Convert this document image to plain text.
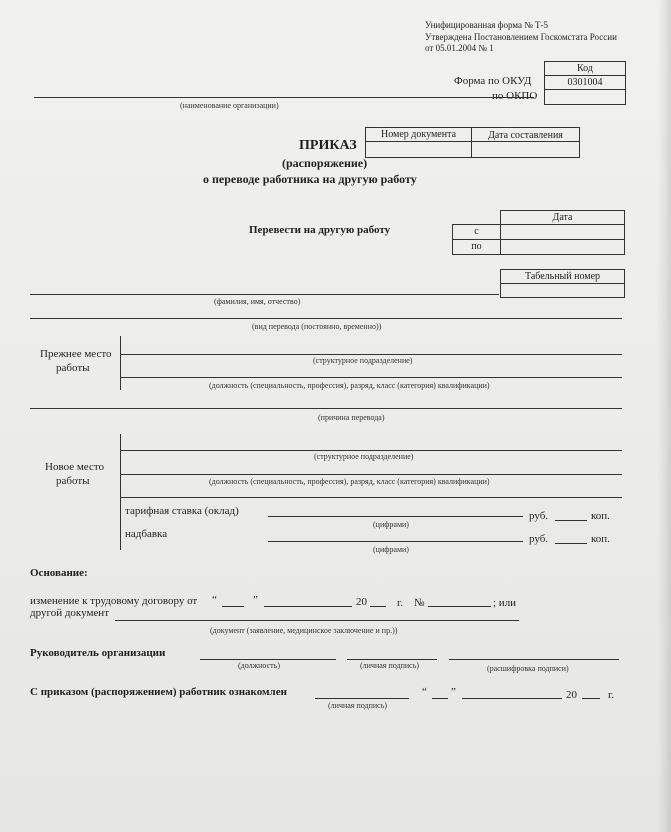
Унифицированная форма № Т-5
Утверждена Постановлением Госкомстата России
от 05.01.2004 № 1
Код
Форма по ОКУД	0301004
по ОКПО
(наименование организации)
Номер документа	Дата составления
ПРИКАЗ
(распоряжение)
о переводе работника на другую работу
Перевести на другую работу
Дата
с
по
Табельный номер
(фамилия, имя, отчество)
(вид перевода (постоянно, временно))
Прежнее место
работы
(структурное подразделение)
(должность (специальность, профессия), разряд, класс (категория) квалификации)
(причина перевода)
Новое место
работы
(структурное подразделение)
(должность (специальность, профессия), разряд, класс (категория) квалификации)
тарифная ставка (оклад)
(цифрами)
руб.	коп.
надбавка
(цифрами)
руб.	коп.
Основание:
изменение к трудовому договору от “	”	20	г. №	; или
другой документ
(документ (заявление, медицинское заключение и пр.))
Руководитель организации
(должность)	(личная подпись)	(расшифровка подписи)
С приказом (распоряжением) работник ознакомлен
(личная подпись)
“ ”	20	г.
